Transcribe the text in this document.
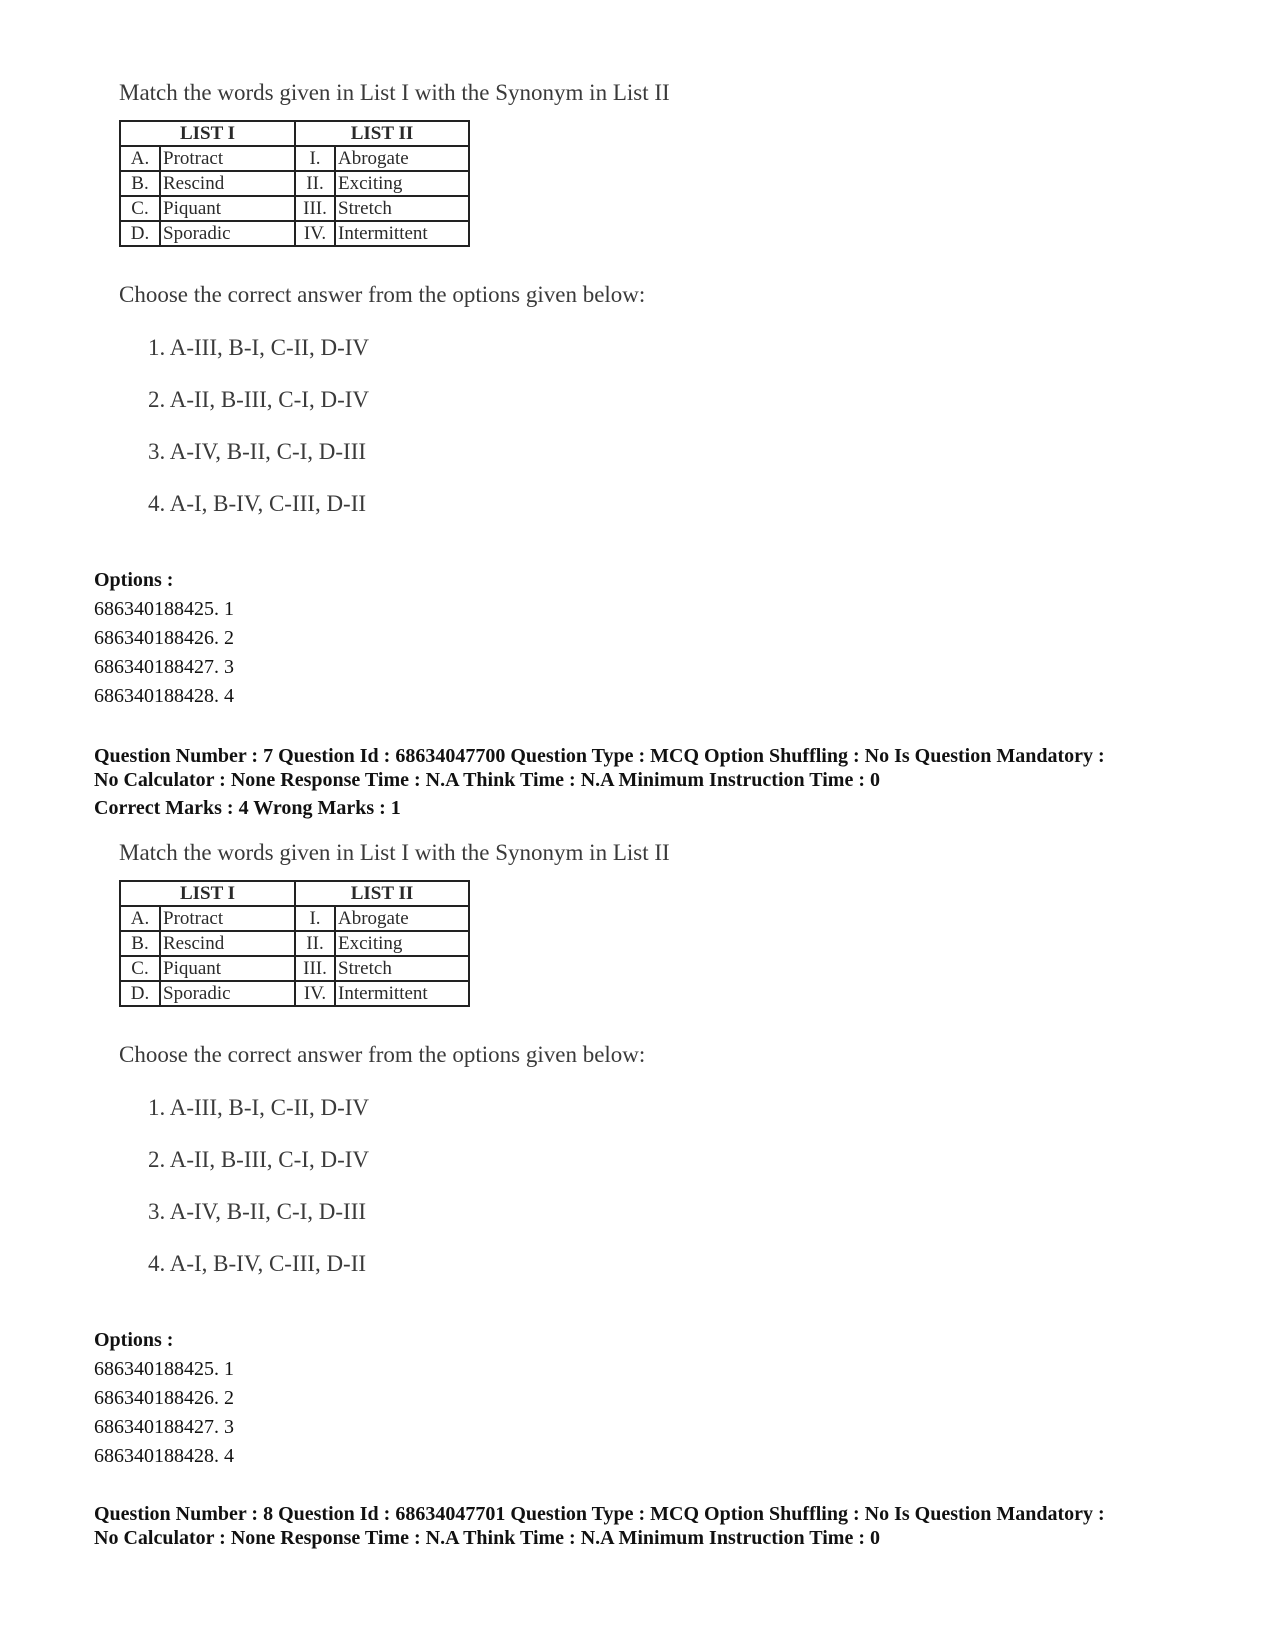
Match the words given in List I with the Synonym in List II
LIST I		LIST II	
A.	Protract	I.	Abrogate
B.	Rescind	II.	Exciting
C.	Piquant	III.	Stretch
D.	Sporadic	IV.	Intermittent
Choose the correct answer from the options given below:
1. A-III, B-I, C-II, D-IV
2. A-II, B-III, C-I, D-IV
3. A-IV, B-II, C-I, D-III
4. A-I, B-IV, C-III, D-II
Options :
686340188425. 1
686340188426. 2
686340188427. 3
686340188428. 4

Question Number : 7 Question Id : 68634047700 Question Type : MCQ Option Shuffling : No Is Question Mandatory :

No Calculator : None Response Time : N.A Think Time : N.A Minimum Instruction Time : 0

Correct Marks : 4 Wrong Marks : 1

Match the words given in List I with the Synonym in List II
LIST I		LIST II	
A.	Protract	I.	Abrogate
B.	Rescind	II.	Exciting
C.	Piquant	III.	Stretch
D.	Sporadic	IV.	Intermittent
Choose the correct answer from the options given below:
1. A-III, B-I, C-II, D-IV
2. A-II, B-III, C-I, D-IV
3. A-IV, B-II, C-I, D-III
4. A-I, B-IV, C-III, D-II
Options :
686340188425. 1
686340188426. 2
686340188427. 3
686340188428. 4

Question Number : 8 Question Id : 68634047701 Question Type : MCQ Option Shuffling : No Is Question Mandatory :

No Calculator : None Response Time : N.A Think Time : N.A Minimum Instruction Time : 0
